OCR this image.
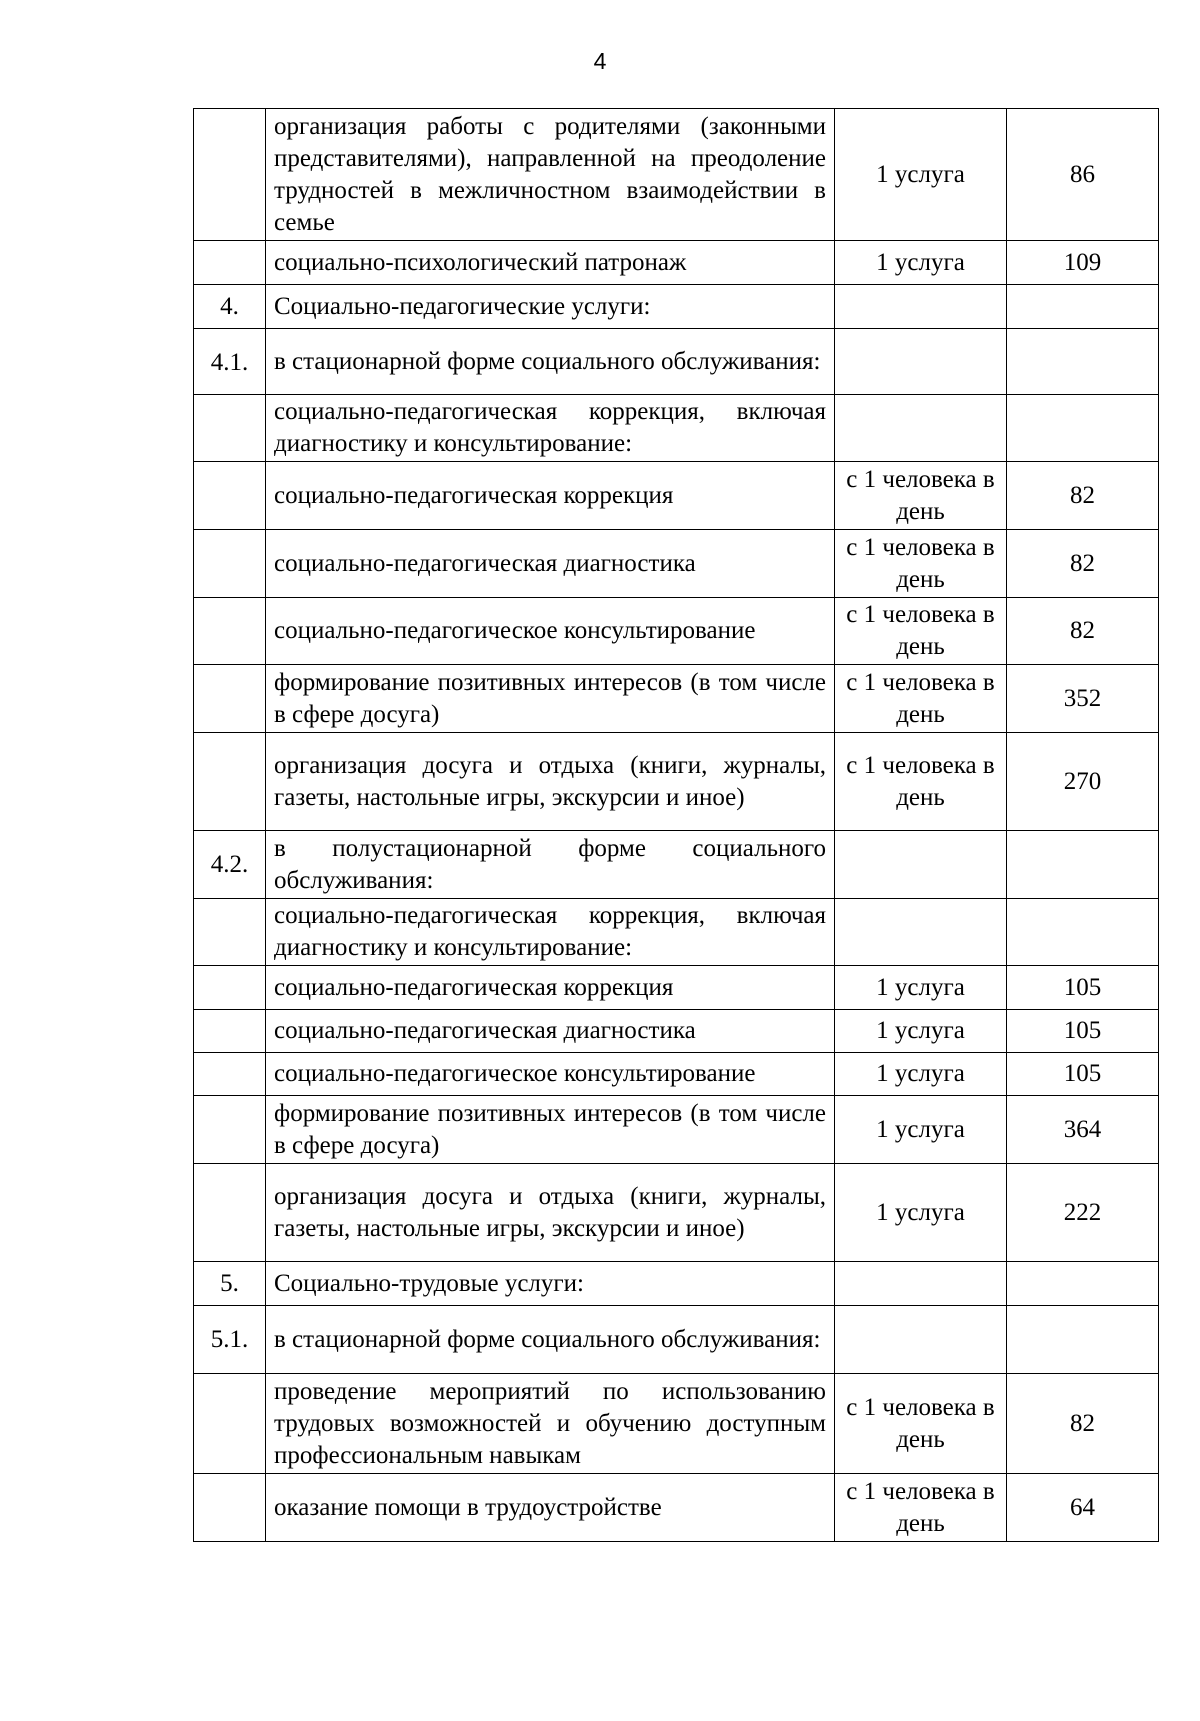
4
	организация работы с родителями (законными представителями), направленной на преодоление трудностей в межличностном взаимодействии в семье	1 услуга	86
	социально-психологический патронаж	1 услуга	109
4.	Социально-педагогические услуги:		
4.1.	в стационарной форме социального обслуживания:		
	социально-педагогическая коррекция, включая диагностику и консультирование:		
	социально-педагогическая коррекция	с 1 человека в день	82
	социально-педагогическая диагностика	с 1 человека в день	82
	социально-педагогическое консультирование	с 1 человека в день	82
	формирование позитивных интересов (в том числе в сфере досуга)	с 1 человека в день	352
	организация досуга и отдыха (книги, журналы, газеты, настольные игры, экскурсии и иное)	с 1 человека в день	270
4.2.	в полустационарной форме социального обслуживания:		
	социально-педагогическая коррекция, включая диагностику и консультирование:		
	социально-педагогическая коррекция	1 услуга	105
	социально-педагогическая диагностика	1 услуга	105
	социально-педагогическое консультирование	1 услуга	105
	формирование позитивных интересов (в том числе в сфере досуга)	1 услуга	364
	организация досуга и отдыха (книги, журналы, газеты, настольные игры, экскурсии и иное)	1 услуга	222
5.	Социально-трудовые услуги:		
5.1.	в стационарной форме социального обслуживания:		
	проведение мероприятий по использованию трудовых возможностей и обучению доступным профессиональным навыкам	с 1 человека в день	82
	оказание помощи в трудоустройстве	с 1 человека в день	64
